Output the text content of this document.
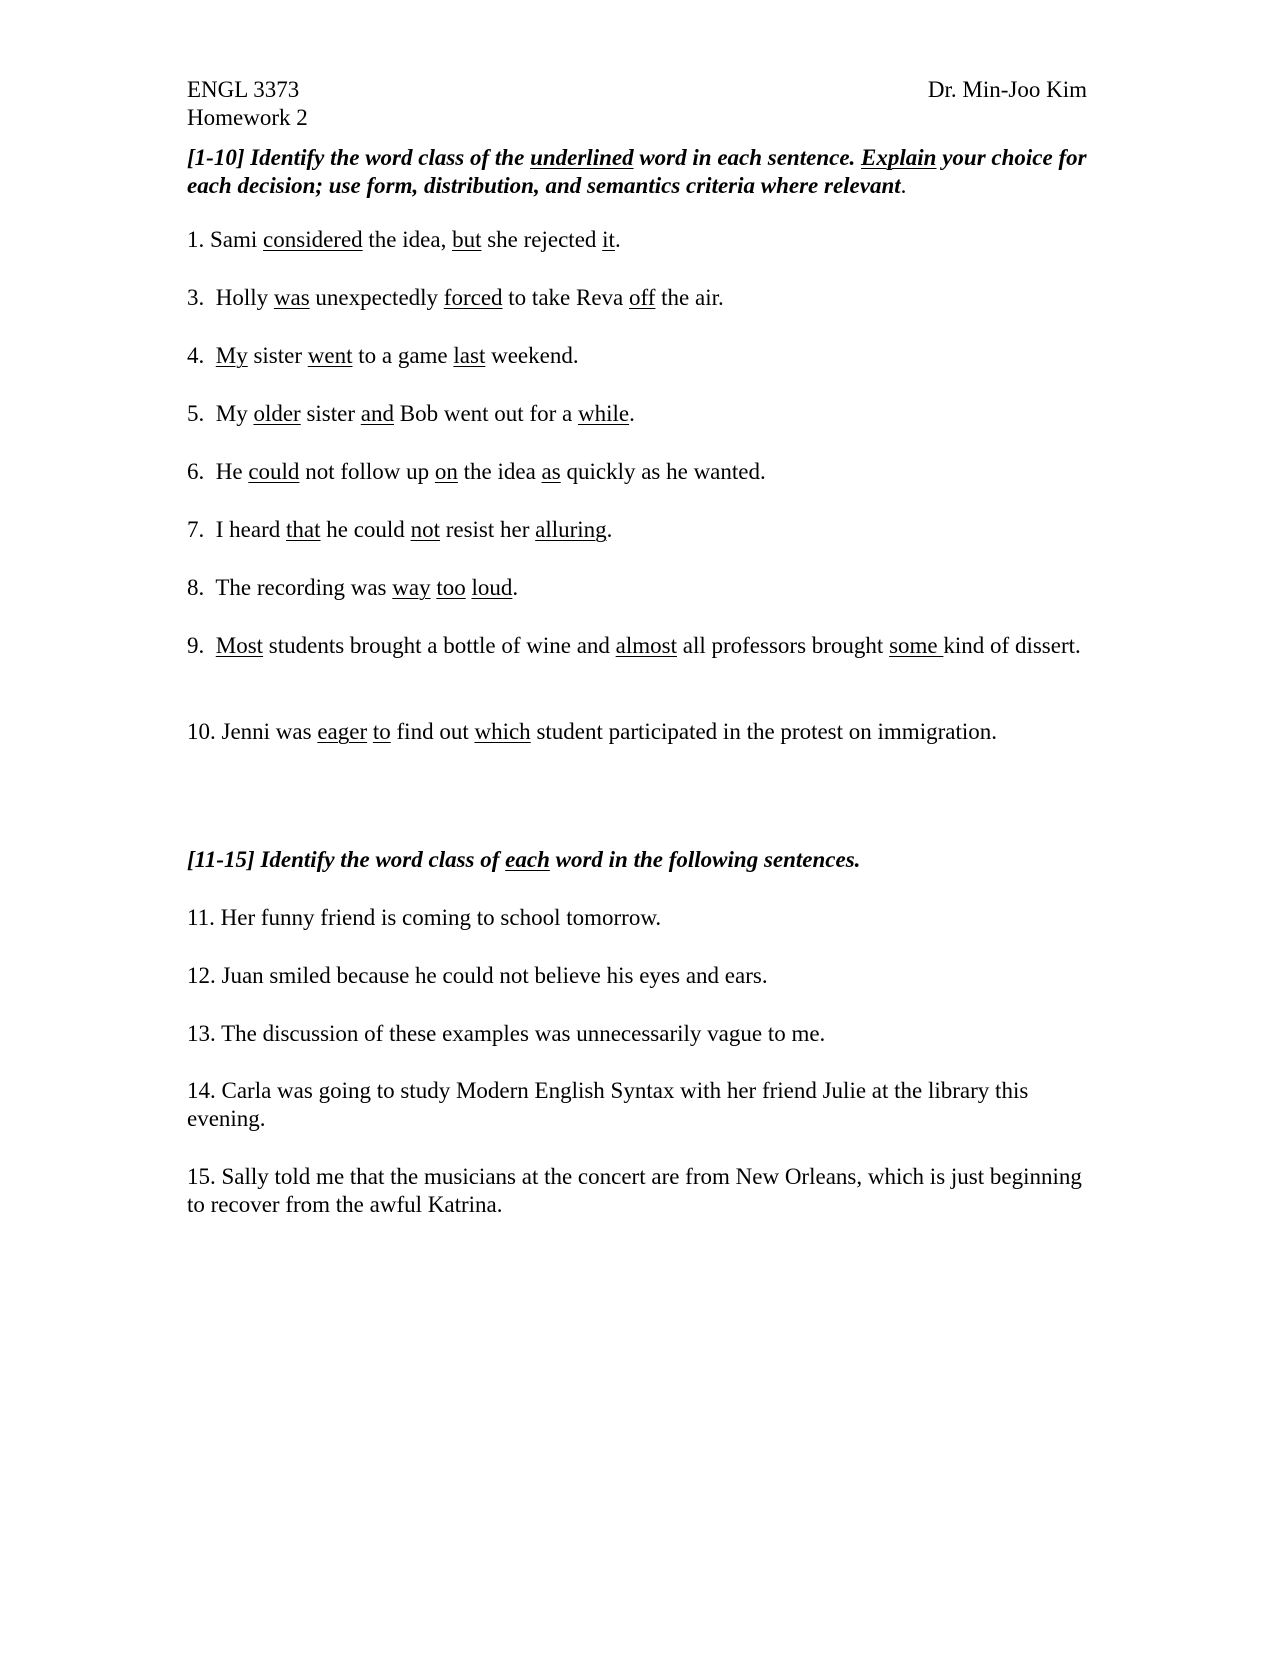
ENGL 3373
Homework 2
Dr. Min-Joo Kim
[1-10] Identify the word class of the underlined word in each sentence. Explain your choice for each decision; use form, distribution, and semantics criteria where relevant.
1. Sami considered the idea, but she rejected it.
3.  Holly was unexpectedly forced to take Reva off the air.
4.  My sister went to a game last weekend.
5.  My older sister and Bob went out for a while.
6.  He could not follow up on the idea as quickly as he wanted.
7.  I heard that he could not resist her alluring.
8.  The recording was way too loud.
9.  Most students brought a bottle of wine and almost all professors brought some kind of dissert.
10. Jenni was eager to find out which student participated in the protest on immigration.
[11-15] Identify the word class of each word in the following sentences.
11. Her funny friend is coming to school tomorrow.
12. Juan smiled because he could not believe his eyes and ears.
13. The discussion of these examples was unnecessarily vague to me.
14. Carla was going to study Modern English Syntax with her friend Julie at the library this evening.
15. Sally told me that the musicians at the concert are from New Orleans, which is just beginning to recover from the awful Katrina.
